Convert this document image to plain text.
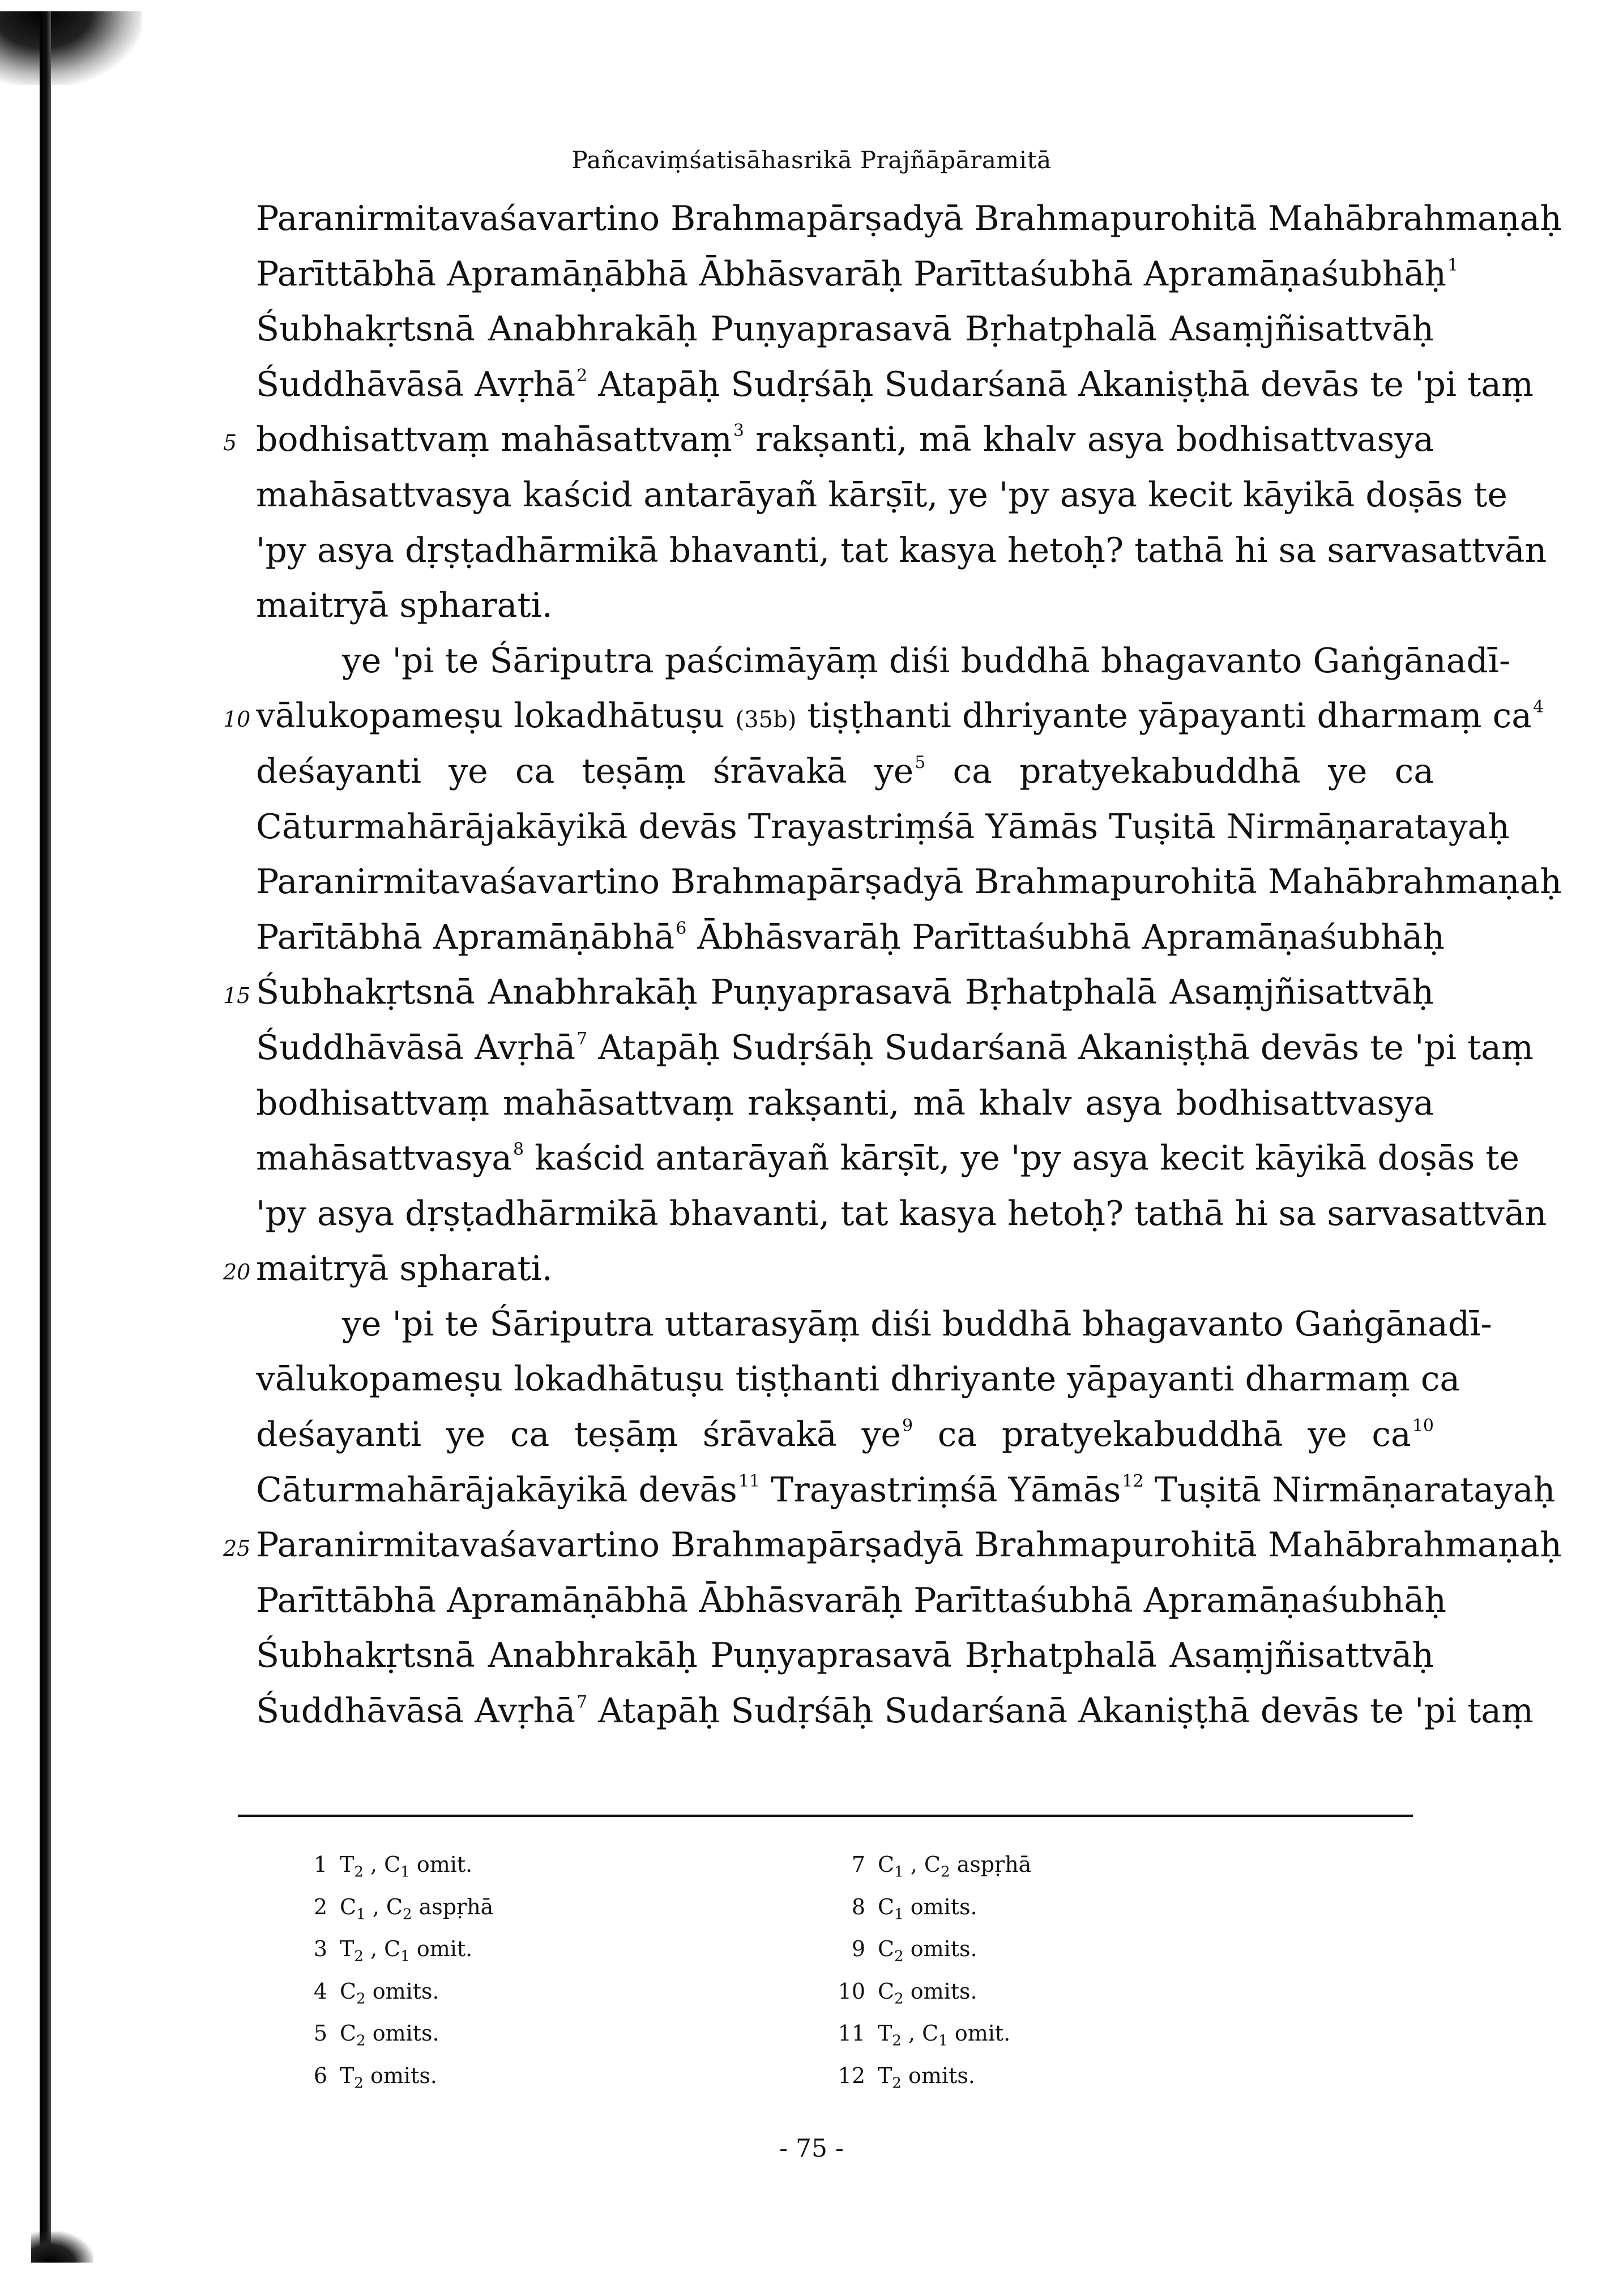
Pañcaviṃśatisāhasrikā Prajñāpāramitā
Paranirmitavaśavartino Brahmapārṣadyā Brahmapurohitā Mahābrahmaṇaḥ
Parīttābhā Apramāṇābhā Ābhāsvarāḥ Parīttaśubhā Apramāṇaśubhāḥ$^1$
Śubhakṛtsnā Anabhrakāḥ Puṇyaprasavā Bṛhatphalā Asaṃjñisattvāḥ
Śuddhāvāsā Avṛhā$^2$ Atapāḥ Sudṛśāḥ Sudarśanā Akaniṣṭhā devās te 'pi taṃ
5 bodhisattvaṃ mahāsattvaṃ$^3$ rakṣanti, mā khalv asya bodhisattvasya
mahāsattvasya kaścid antarāyañ kārṣīt, ye 'py asya kecit kāyikā doṣās te
'py asya dṛṣṭadhārmikā bhavanti, tat kasya hetoḥ? tathā hi sa sarvasattvān
maitryā spharati.
ye 'pi te Śāriputra paścimāyāṃ diśi buddhā bhagavanto Gaṅgānadī-
10 vālukopameṣu lokadhātuṣu (35b) tiṣṭhanti dhriyante yāpayanti dharmaṃ ca$^4$
deśayanti ye ca teṣāṃ śrāvakā ye$^5$ ca pratyekabuddhā ye ca
Cāturmahārājakāyikā devās Trayastriṃśā Yāmās Tuṣitā Nirmāṇaratayaḥ
Paranirmitavaśavartino Brahmapārṣadyā Brahmapurohitā Mahābrahmaṇaḥ
Parītābhā Apramāṇābhā$^6$ Ābhāsvarāḥ Parīttaśubhā Apramāṇaśubhāḥ
15 Śubhakṛtsnā Anabhrakāḥ Puṇyaprasavā Bṛhatphalā Asaṃjñisattvāḥ
Śuddhāvāsā Avṛhā$^7$ Atapāḥ Sudṛśāḥ Sudarśanā Akaniṣṭhā devās te 'pi taṃ
bodhisattvaṃ mahāsattvaṃ rakṣanti, mā khalv asya bodhisattvasya
mahāsattvasya$^8$ kaścid antarāyañ kārṣīt, ye 'py asya kecit kāyikā doṣās te
'py asya dṛṣṭadhārmikā bhavanti, tat kasya hetoḥ? tathā hi sa sarvasattvān
20 maitryā spharati.
ye 'pi te Śāriputra uttarasyāṃ diśi buddhā bhagavanto Gaṅgānadī-
vālukopameṣu lokadhātuṣu tiṣṭhanti dhriyante yāpayanti dharmaṃ ca
deśayanti ye ca teṣāṃ śrāvakā ye$^9$ ca pratyekabuddhā ye ca$^{10}$
Cāturmahārājakāyikā devās$^{11}$ Trayastriṃśā Yāmās$^{12}$ Tuṣitā Nirmāṇaratayaḥ
25 Paranirmitavaśavartino Brahmapārṣadyā Brahmapurohitā Mahābrahmaṇaḥ
Parīttābhā Apramāṇābhā Ābhāsvarāḥ Parīttaśubhā Apramāṇaśubhāḥ
Śubhakṛtsnā Anabhrakāḥ Puṇyaprasavā Bṛhatphalā Asaṃjñisattvāḥ
Śuddhāvāsā Avṛhā$^7$ Atapāḥ Sudṛśāḥ Sudarśanā Akaniṣṭhā devās te 'pi taṃ
1 $T_2$ , $C_1$ omit.
2 $C_1$ , $C_2$ aspṛhā
3 $T_2$ , $C_1$ omit.
4 $C_2$ omits.
5 $C_2$ omits.
6 $T_2$ omits.
7 $C_1$ , $C_2$ aspṛhā
8 $C_1$ omits.
9 $C_2$ omits.
10 $C_2$ omits.
11 $T_2$ , $C_1$ omit.
12 $T_2$ omits.
- 75 -
